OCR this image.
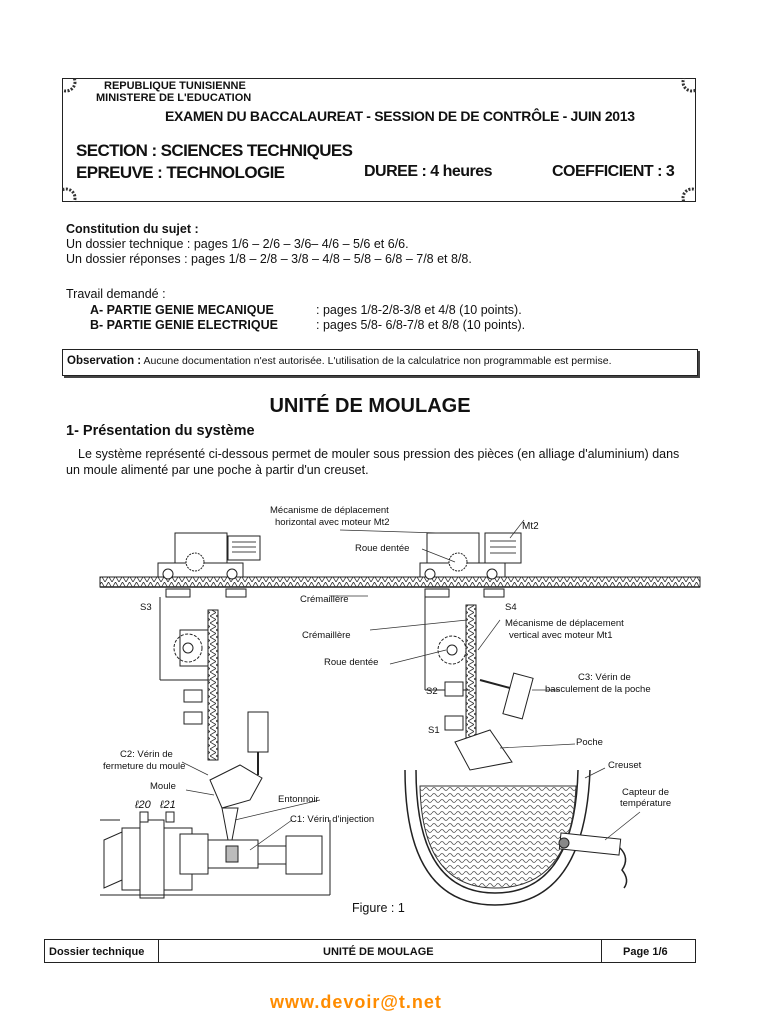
REPUBLIQUE TUNISIENNE
MINISTERE DE L'EDUCATION
EXAMEN DU BACCALAUREAT - SESSION DE DE CONTRÔLE - JUIN 2013
SECTION : SCIENCES TECHNIQUES
EPREUVE : TECHNOLOGIE	DUREE : 4 heures	COEFFICIENT : 3
Constitution du sujet :
Un dossier technique : pages 1/6 – 2/6 – 3/6– 4/6 – 5/6 et 6/6.
Un dossier réponses : pages 1/8 – 2/8 – 3/8 – 4/8 – 5/8 – 6/8 – 7/8 et 8/8.
Travail demandé :
A- PARTIE GENIE MECANIQUE	: pages 1/8-2/8-3/8 et 4/8 (10 points).
B- PARTIE GENIE ELECTRIQUE	: pages 5/8- 6/8-7/8 et 8/8 (10 points).
Observation : Aucune documentation n'est autorisée. L'utilisation de la calculatrice non programmable est permise.
UNITÉ DE MOULAGE
1- Présentation du système
Le système représenté ci-dessous permet de mouler sous pression des pièces (en alliage d'aluminium) dans un moule alimenté par une poche à partir d'un creuset.
Mécanisme de déplacement
horizontal avec moteur Mt2	Mt2
Roue dentée
S3	S4
Crémaillère
Crémaillère
Mécanisme de déplacement
vertical avec moteur Mt1
Roue dentée
C3: Vérin de
basculement de la poche
S2
S1
Poche
Creuset
Capteur de
température
C2: Vérin de
fermeture du moule
Moule
ℓ20 ℓ21	Entonnoir
C1: Vérin d'injection
Figure : 1
Dossier technique	UNITÉ DE MOULAGE	Page 1/6
www.devoir@t.net
